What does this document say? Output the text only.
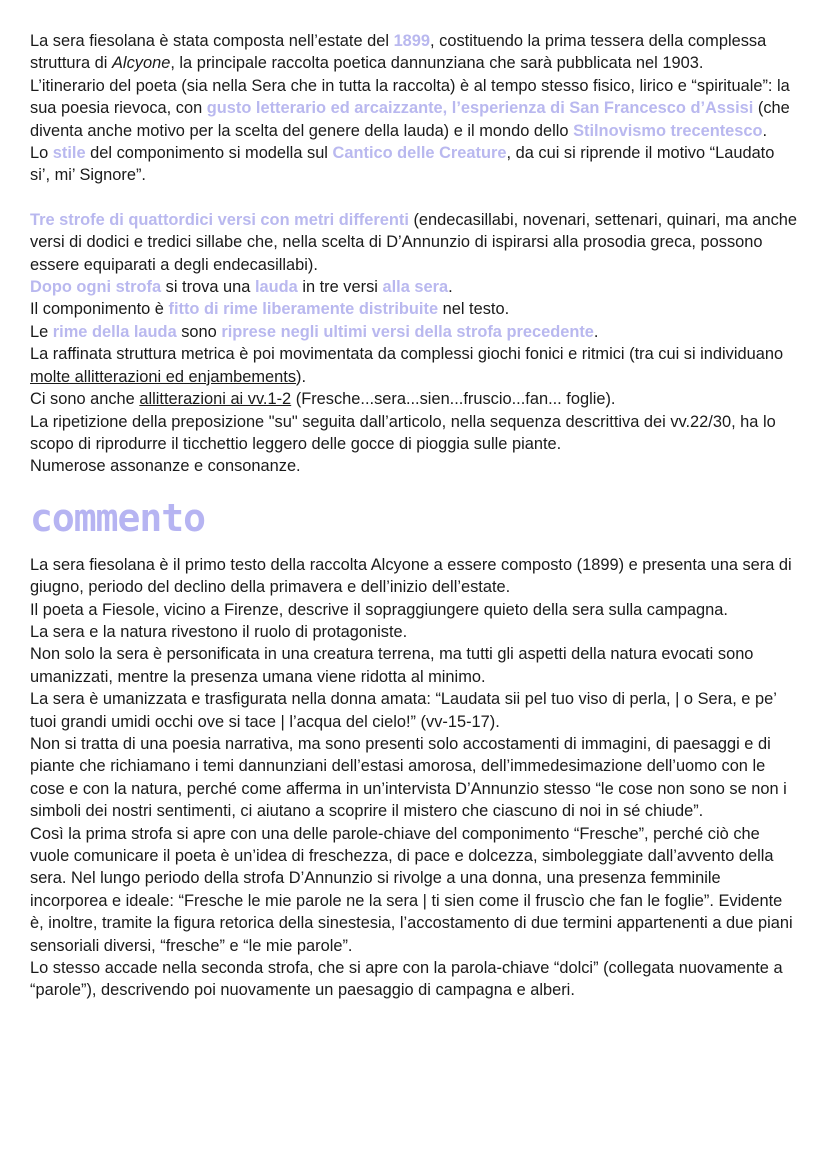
La sera fiesolana è stata composta nell’estate del 1899, costituendo la prima tessera della complessa struttura di Alcyone, la principale raccolta poetica dannunziana che sarà pubblicata nel 1903.

L’itinerario del poeta (sia nella Sera che in tutta la raccolta) è al tempo stesso fisico, lirico e “spirituale”: la sua poesia rievoca, con gusto letterario ed arcaizzante, l’esperienza di San Francesco d’Assisi (che diventa anche motivo per la scelta del genere della lauda) e il mondo dello Stilnovismo trecentesco.

Lo stile del componimento si modella sul Cantico delle Creature, da cui si riprende il motivo “Laudato si’, mi’ Signore”.

Tre strofe di quattordici versi con metri differenti (endecasillabi, novenari, settenari, quinari, ma anche versi di dodici e tredici sillabe che, nella scelta di D’Annunzio di ispirarsi alla prosodia greca, possono essere equiparati a degli endecasillabi).

Dopo ogni strofa si trova una lauda in tre versi alla sera.

Il componimento è fitto di rime liberamente distribuite nel testo.

Le rime della lauda sono riprese negli ultimi versi della strofa precedente.

La raffinata struttura metrica è poi movimentata da complessi giochi fonici e ritmici (tra cui si individuano molte allitterazioni ed enjambements).

Ci sono anche allitterazioni ai vv.1-2 (Fresche...sera...sien...fruscio...fan... foglie).

La ripetizione della preposizione "su" seguita dall’articolo, nella sequenza descrittiva dei vv.22/30, ha lo scopo di riprodurre il ticchettio leggero delle gocce di pioggia sulle piante.

Numerose assonanze e consonanze.

commento

La sera fiesolana è il primo testo della raccolta Alcyone a essere composto (1899) e presenta una sera di giugno, periodo del declino della primavera e dell’inizio dell’estate.

Il poeta a Fiesole, vicino a Firenze, descrive il sopraggiungere quieto della sera sulla campagna.

La sera e la natura rivestono il ruolo di protagoniste.

Non solo la sera è personificata in una creatura terrena, ma tutti gli aspetti della natura evocati sono umanizzati, mentre la presenza umana viene ridotta al minimo.

La sera è umanizzata e trasfigurata nella donna amata: “Laudata sii pel tuo viso di perla, | o Sera, e pe’ tuoi grandi umidi occhi ove si tace | l’acqua del cielo!” (vv-15-17).

Non si tratta di una poesia narrativa, ma sono presenti solo accostamenti di immagini, di paesaggi e di piante che richiamano i temi dannunziani dell’estasi amorosa, dell’immedesimazione dell’uomo con le cose e con la natura, perché come afferma in un’intervista D’Annunzio stesso “le cose non sono se non i simboli dei nostri sentimenti, ci aiutano a scoprire il mistero che ciascuno di noi in sé chiude”.

Così la prima strofa si apre con una delle parole-chiave del componimento “Fresche”, perché ciò che vuole comunicare il poeta è un’idea di freschezza, di pace e dolcezza, simboleggiate dall’avvento della sera. Nel lungo periodo della strofa D’Annunzio si rivolge a una donna, una presenza femminile incorporea e ideale: “Fresche le mie parole ne la sera | ti sien come il fruscìo che fan le foglie”. Evidente è, inoltre, tramite la figura retorica della sinestesia, l’accostamento di due termini appartenenti a due piani sensoriali diversi, “fresche” e “le mie parole”.

Lo stesso accade nella seconda strofa, che si apre con la parola-chiave “dolci” (collegata nuovamente a “parole”), descrivendo poi nuovamente un paesaggio di campagna e alberi.
